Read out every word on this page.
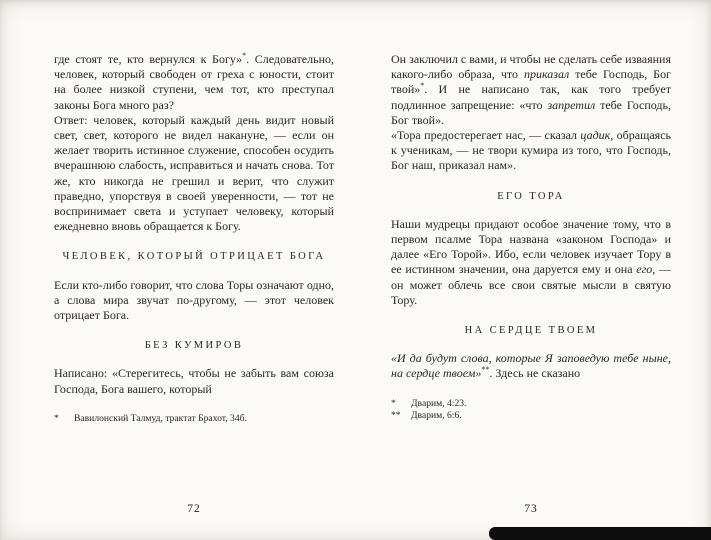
где стоят те, кто вернулся к Богу»*. Следовательно, человек, который свободен от греха с юности, стоит на более низкой ступени, чем тот, кто преступал законы Бога много раз?

Ответ: человек, который каждый день видит новый свет, свет, которого не видел накануне, — если он желает творить истинное служение, способен осудить вчерашнюю слабость, исправиться и начать снова. Тот же, кто никогда не грешил и верит, что служит праведно, упорствуя в своей уверенности, — тот не воспринимает света и уступает человеку, который ежедневно вновь обращается к Богу.

ЧЕЛОВЕК, КОТОРЫЙ ОТРИЦАЕТ БОГА

Если кто-либо говорит, что слова Торы означают одно, а слова мира звучат по-другому, — этот человек отрицает Бога.

БЕЗ КУМИРОВ

Написано: «Стерегитесь, чтобы не забыть вам союза Господа, Бога вашего, который

*	Вавилонский Талмуд, трактат Брахот, 34б.
72

Он заключил с вами, и чтобы не сделать себе изваяния какого-либо образа, что приказал тебе Господь, Бог твой»*. И не написано так, как того требует подлинное запрещение: «что запретил тебе Господь, Бог твой».

«Тора предостерегает нас, — сказал цадик, обращаясь к ученикам, — не твори кумира из того, что Господь, Бог наш, приказал нам».

ЕГО ТОРА

Наши мудрецы придают особое значение тому, что в первом псалме Тора названа «законом Господа» и далее «Его Торой». Ибо, если человек изучает Тору в ее истинном значении, она даруется ему и она его, — он может облечь все свои святые мысли в святую Тору.

НА СЕРДЦЕ ТВОЕМ

«И да будут слова, которые Я заповедую тебе ныне, на сердце твоем»**. Здесь не сказано

*	Дварим, 4:23.
**	Дварим, 6:6.
73
